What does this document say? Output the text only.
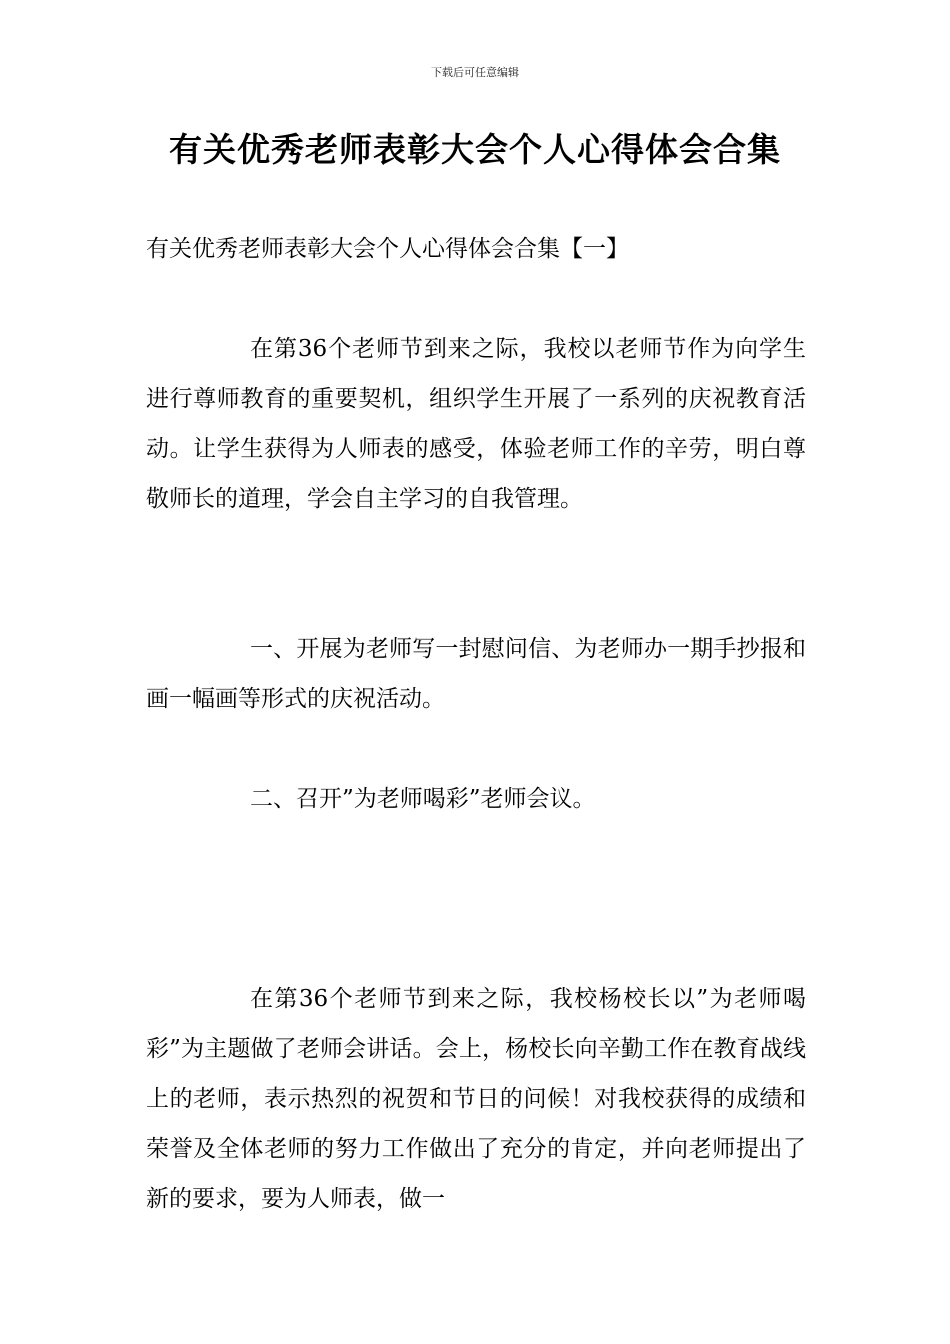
下载后可任意编辑
有关优秀老师表彰大会个人心得体会合集
有关优秀老师表彰大会个人心得体会合集【一】

在第36个老师节到来之际，我校以老师节作为向学生进行尊师教育的重要契机，组织学生开展了一系列的庆祝教育活动。让学生获得为人师表的感受，体验老师工作的辛劳，明白尊敬师长的道理，学会自主学习的自我管理。

一、开展为老师写一封慰问信、为老师办一期手抄报和画一幅画等形式的庆祝活动。

二、召开”为老师喝彩”老师会议。

在第36个老师节到来之际，我校杨校长以”为老师喝彩”为主题做了老师会讲话。会上，杨校长向辛勤工作在教育战线上的老师，表示热烈的祝贺和节日的问候！对我校获得的成绩和荣誉及全体老师的努力工作做出了充分的肯定，并向老师提出了新的要求，要为人师表，做一
